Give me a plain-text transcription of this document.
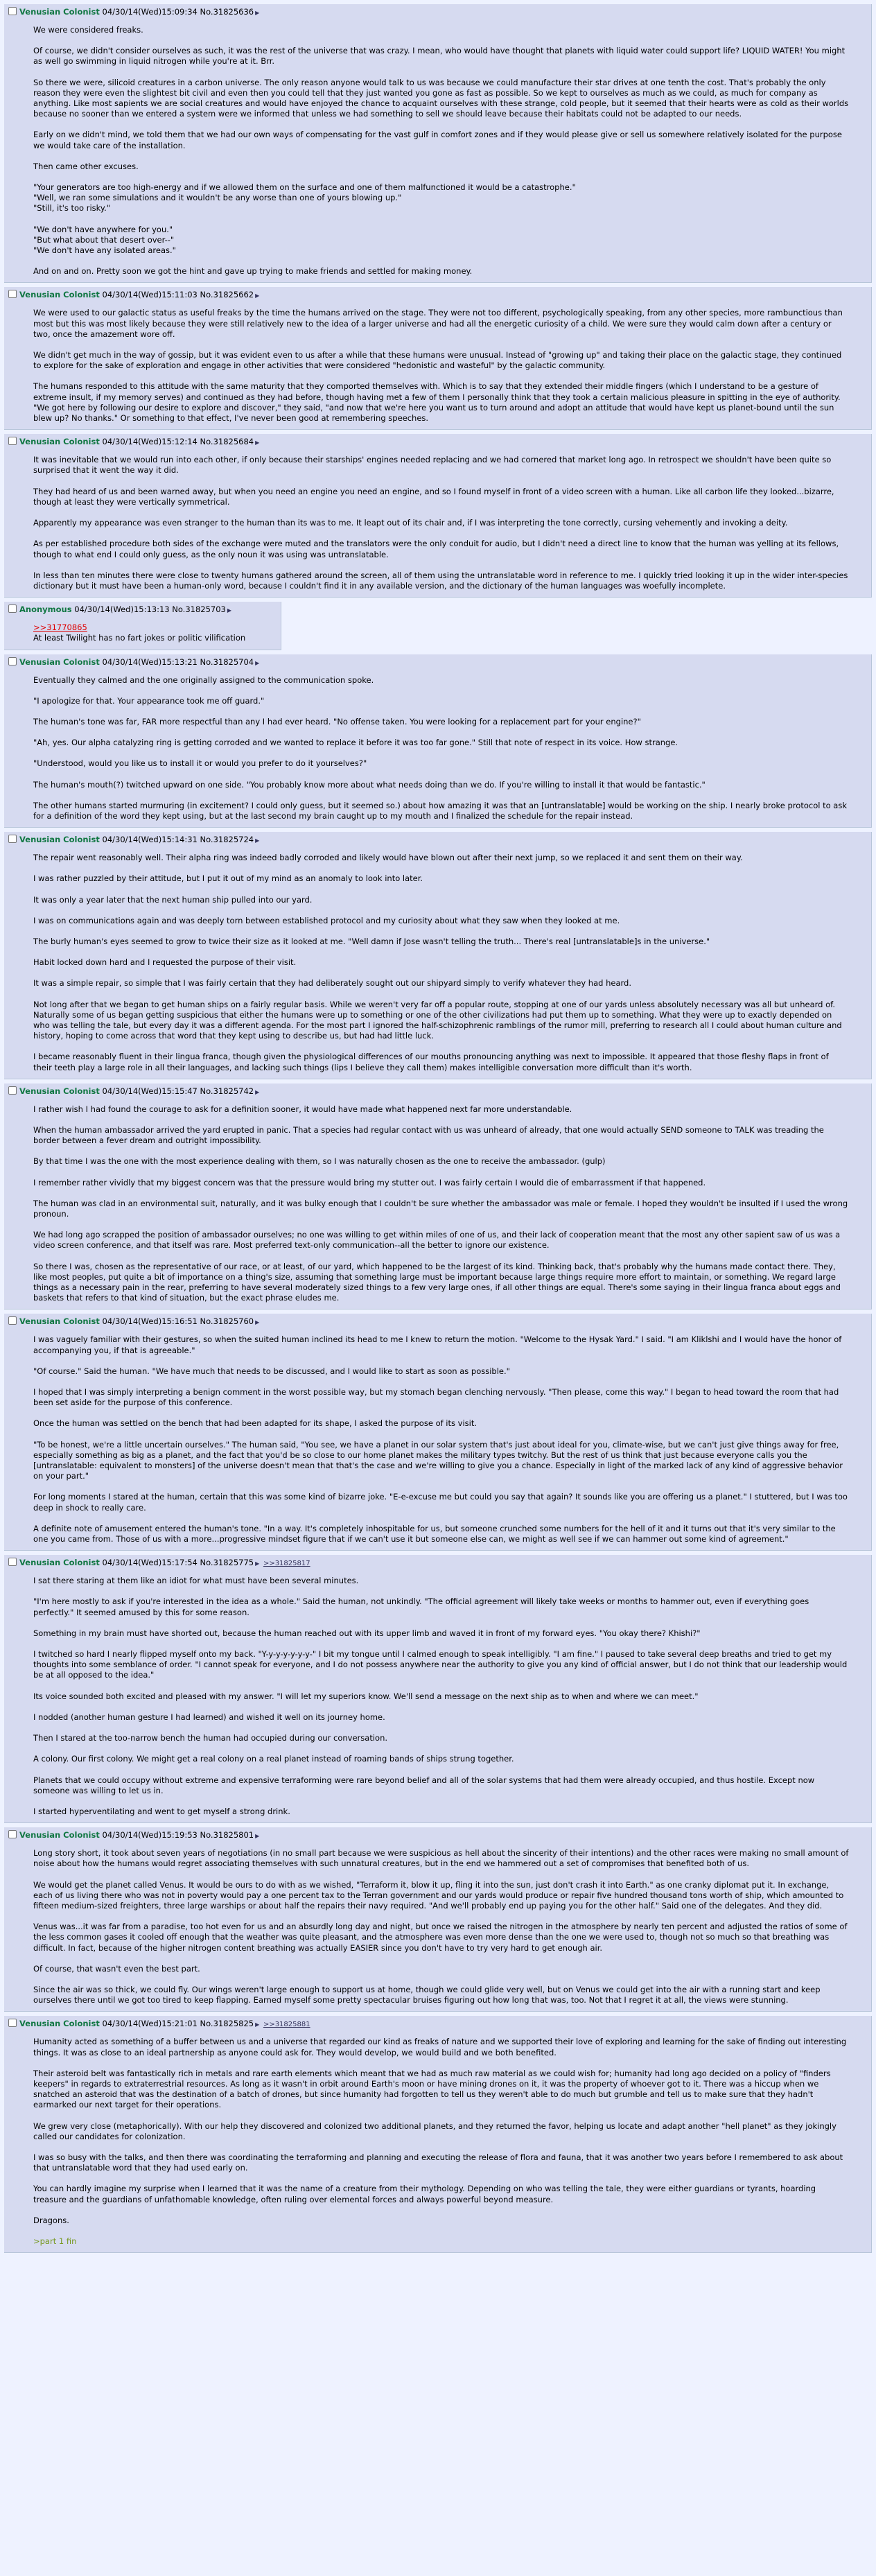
Venusian Colonist 04/30/14(Wed)15:09:34 No.31825636 ▶

We were considered freaks.

Of course, we didn't consider ourselves as such, it was the rest of the universe that was crazy. I mean, who would have thought that planets with liquid water could support life? LIQUID WATER! You might as well go swimming in liquid nitrogen while you're at it. Brr.

So there we were, silicoid creatures in a carbon universe. The only reason anyone would talk to us was because we could manufacture their star drives at one tenth the cost. That's probably the only reason they were even the slightest bit civil and even then you could tell that they just wanted you gone as fast as possible. So we kept to ourselves as much as we could, as much for company as anything. Like most sapients we are social creatures and would have enjoyed the chance to acquaint ourselves with these strange, cold people, but it seemed that their hearts were as cold as their worlds because no sooner than we entered a system were we informed that unless we had something to sell we should leave because their habitats could not be adapted to our needs.

Early on we didn't mind, we told them that we had our own ways of compensating for the vast gulf in comfort zones and if they would please give or sell us somewhere relatively isolated for the purpose we would take care of the installation.

Then came other excuses.

"Your generators are too high-energy and if we allowed them on the surface and one of them malfunctioned it would be a catastrophe."
"Well, we ran some simulations and it wouldn't be any worse than one of yours blowing up."
"Still, it's too risky."

"We don't have anywhere for you."
"But what about that desert over--"
"We don't have any isolated areas."

And on and on. Pretty soon we got the hint and gave up trying to make friends and settled for making money.

Venusian Colonist 04/30/14(Wed)15:11:03 No.31825662 ▶

We were used to our galactic status as useful freaks by the time the humans arrived on the stage. They were not too different, psychologically speaking, from any other species, more rambunctious than most but this was most likely because they were still relatively new to the idea of a larger universe and had all the energetic curiosity of a child. We were sure they would calm down after a century or two, once the amazement wore off.

We didn't get much in the way of gossip, but it was evident even to us after a while that these humans were unusual. Instead of "growing up" and taking their place on the galactic stage, they continued to explore for the sake of exploration and engage in other activities that were considered "hedonistic and wasteful" by the galactic community.

The humans responded to this attitude with the same maturity that they comported themselves with. Which is to say that they extended their middle fingers (which I understand to be a gesture of extreme insult, if my memory serves) and continued as they had before, though having met a few of them I personally think that they took a certain malicious pleasure in spitting in the eye of authority. "We got here by following our desire to explore and discover," they said, "and now that we're here you want us to turn around and adopt an attitude that would have kept us planet-bound until the sun blew up? No thanks." Or something to that effect, I've never been good at remembering speeches.

Venusian Colonist 04/30/14(Wed)15:12:14 No.31825684 ▶

It was inevitable that we would run into each other, if only because their starships' engines needed replacing and we had cornered that market long ago. In retrospect we shouldn't have been quite so surprised that it went the way it did.

They had heard of us and been warned away, but when you need an engine you need an engine, and so I found myself in front of a video screen with a human. Like all carbon life they looked...bizarre, though at least they were vertically symmetrical.

Apparently my appearance was even stranger to the human than its was to me. It leapt out of its chair and, if I was interpreting the tone correctly, cursing vehemently and invoking a deity.

As per established procedure both sides of the exchange were muted and the translators were the only conduit for audio, but I didn't need a direct line to know that the human was yelling at its fellows, though to what end I could only guess, as the only noun it was using was untranslatable.

In less than ten minutes there were close to twenty humans gathered around the screen, all of them using the untranslatable word in reference to me. I quickly tried looking it up in the wider inter-species dictionary but it must have been a human-only word, because I couldn't find it in any available version, and the dictionary of the human languages was woefully incomplete.

Anonymous 04/30/14(Wed)15:13:13 No.31825703 ▶
>>31770865

At least Twilight has no fart jokes or politic vilification

Venusian Colonist 04/30/14(Wed)15:13:21 No.31825704 ▶

Eventually they calmed and the one originally assigned to the communication spoke.

"I apologize for that. Your appearance took me off guard."

The human's tone was far, FAR more respectful than any I had ever heard. "No offense taken. You were looking for a replacement part for your engine?"

"Ah, yes. Our alpha catalyzing ring is getting corroded and we wanted to replace it before it was too far gone." Still that note of respect in its voice. How strange.

"Understood, would you like us to install it or would you prefer to do it yourselves?"

The human's mouth(?) twitched upward on one side. "You probably know more about what needs doing than we do. If you're willing to install it that would be fantastic."

The other humans started murmuring (in excitement? I could only guess, but it seemed so.) about how amazing it was that an [untranslatable] would be working on the ship. I nearly broke protocol to ask for a definition of the word they kept using, but at the last second my brain caught up to my mouth and I finalized the schedule for the repair instead.

Venusian Colonist 04/30/14(Wed)15:14:31 No.31825724 ▶

The repair went reasonably well. Their alpha ring was indeed badly corroded and likely would have blown out after their next jump, so we replaced it and sent them on their way.

I was rather puzzled by their attitude, but I put it out of my mind as an anomaly to look into later.

It was only a year later that the next human ship pulled into our yard.

I was on communications again and was deeply torn between established protocol and my curiosity about what they saw when they looked at me.

The burly human's eyes seemed to grow to twice their size as it looked at me. "Well damn if Jose wasn't telling the truth... There's real [untranslatable]s in the universe."

Habit locked down hard and I requested the purpose of their visit.

It was a simple repair, so simple that I was fairly certain that they had deliberately sought out our shipyard simply to verify whatever they had heard.

Not long after that we began to get human ships on a fairly regular basis. While we weren't very far off a popular route, stopping at one of our yards unless absolutely necessary was all but unheard of. Naturally some of us began getting suspicious that either the humans were up to something or one of the other civilizations had put them up to something. What they were up to exactly depended on who was telling the tale, but every day it was a different agenda. For the most part I ignored the half-schizophrenic ramblings of the rumor mill, preferring to research all I could about human culture and history, hoping to come across that word that they kept using to describe us, but had had little luck.

I became reasonably fluent in their lingua franca, though given the physiological differences of our mouths pronouncing anything was next to impossible. It appeared that those fleshy flaps in front of their teeth play a large role in all their languages, and lacking such things (lips I believe they call them) makes intelligible conversation more difficult than it's worth.

Venusian Colonist 04/30/14(Wed)15:15:47 No.31825742 ▶

I rather wish I had found the courage to ask for a definition sooner, it would have made what happened next far more understandable.

When the human ambassador arrived the yard erupted in panic. That a species had regular contact with us was unheard of already, that one would actually SEND someone to TALK was treading the border between a fever dream and outright impossibility.

By that time I was the one with the most experience dealing with them, so I was naturally chosen as the one to receive the ambassador. (gulp)

I remember rather vividly that my biggest concern was that the pressure would bring my stutter out. I was fairly certain I would die of embarrassment if that happened.

The human was clad in an environmental suit, naturally, and it was bulky enough that I couldn't be sure whether the ambassador was male or female. I hoped they wouldn't be insulted if I used the wrong pronoun.

We had long ago scrapped the position of ambassador ourselves; no one was willing to get within miles of one of us, and their lack of cooperation meant that the most any other sapient saw of us was a video screen conference, and that itself was rare. Most preferred text-only communication--all the better to ignore our existence.

So there I was, chosen as the representative of our race, or at least, of our yard, which happened to be the largest of its kind. Thinking back, that's probably why the humans made contact there. They, like most peoples, put quite a bit of importance on a thing's size, assuming that something large must be important because large things require more effort to maintain, or something. We regard large things as a necessary pain in the rear, preferring to have several moderately sized things to a few very large ones, if all other things are equal. There's some saying in their lingua franca about eggs and baskets that refers to that kind of situation, but the exact phrase eludes me.

Venusian Colonist 04/30/14(Wed)15:16:51 No.31825760 ▶

I was vaguely familiar with their gestures, so when the suited human inclined its head to me I knew to return the motion. "Welcome to the Hysak Yard." I said. "I am Kliklshi and I would have the honor of accompanying you, if that is agreeable."

"Of course." Said the human. "We have much that needs to be discussed, and I would like to start as soon as possible."

I hoped that I was simply interpreting a benign comment in the worst possible way, but my stomach began clenching nervously. "Then please, come this way." I began to head toward the room that had been set aside for the purpose of this conference.

Once the human was settled on the bench that had been adapted for its shape, I asked the purpose of its visit.

"To be honest, we're a little uncertain ourselves." The human said, "You see, we have a planet in our solar system that's just about ideal for you, climate-wise, but we can't just give things away for free, especially something as big as a planet, and the fact that you'd be so close to our home planet makes the military types twitchy. But the rest of us think that just because everyone calls you the [untranslatable: equivalent to monsters] of the universe doesn't mean that that's the case and we're willing to give you a chance. Especially in light of the marked lack of any kind of aggressive behavior on your part."

For long moments I stared at the human, certain that this was some kind of bizarre joke. "E-e-excuse me but could you say that again? It sounds like you are offering us a planet." I stuttered, but I was too deep in shock to really care.

A definite note of amusement entered the human's tone. "In a way. It's completely inhospitable for us, but someone crunched some numbers for the hell of it and it turns out that it's very similar to the one you came from. Those of us with a more...progressive mindset figure that if we can't use it but someone else can, we might as well see if we can hammer out some kind of agreement."

Venusian Colonist 04/30/14(Wed)15:17:54 No.31825775 ▶ >>31825817

I sat there staring at them like an idiot for what must have been several minutes.

"I'm here mostly to ask if you're interested in the idea as a whole." Said the human, not unkindly. "The official agreement will likely take weeks or months to hammer out, even if everything goes perfectly." It seemed amused by this for some reason.

Something in my brain must have shorted out, because the human reached out with its upper limb and waved it in front of my forward eyes. "You okay there? Khishi?"

I twitched so hard I nearly flipped myself onto my back. "Y-y-y-y-y-y-y-" I bit my tongue until I calmed enough to speak intelligibly. "I am fine." I paused to take several deep breaths and tried to get my thoughts into some semblance of order. "I cannot speak for everyone, and I do not possess anywhere near the authority to give you any kind of official answer, but I do not think that our leadership would be at all opposed to the idea."

Its voice sounded both excited and pleased with my answer. "I will let my superiors know. We'll send a message on the next ship as to when and where we can meet."

I nodded (another human gesture I had learned) and wished it well on its journey home.

Then I stared at the too-narrow bench the human had occupied during our conversation.

A colony. Our first colony. We might get a real colony on a real planet instead of roaming bands of ships strung together.

Planets that we could occupy without extreme and expensive terraforming were rare beyond belief and all of the solar systems that had them were already occupied, and thus hostile. Except now someone was willing to let us in.

I started hyperventilating and went to get myself a strong drink.

Venusian Colonist 04/30/14(Wed)15:19:53 No.31825801 ▶

Long story short, it took about seven years of negotiations (in no small part because we were suspicious as hell about the sincerity of their intentions) and the other races were making no small amount of noise about how the humans would regret associating themselves with such unnatural creatures, but in the end we hammered out a set of compromises that benefited both of us.

We would get the planet called Venus. It would be ours to do with as we wished, "Terraform it, blow it up, fling it into the sun, just don't crash it into Earth." as one cranky diplomat put it. In exchange, each of us living there who was not in poverty would pay a one percent tax to the Terran government and our yards would produce or repair five hundred thousand tons worth of ship, which amounted to fifteen medium-sized freighters, three large warships or about half the repairs their navy required. "And we'll probably end up paying you for the other half." Said one of the delegates. And they did.

Venus was...it was far from a paradise, too hot even for us and an absurdly long day and night, but once we raised the nitrogen in the atmosphere by nearly ten percent and adjusted the ratios of some of the less common gases it cooled off enough that the weather was quite pleasant, and the atmosphere was even more dense than the one we were used to, though not so much so that breathing was difficult. In fact, because of the higher nitrogen content breathing was actually EASIER since you don't have to try very hard to get enough air.

Of course, that wasn't even the best part.

Since the air was so thick, we could fly. Our wings weren't large enough to support us at home, though we could glide very well, but on Venus we could get into the air with a running start and keep ourselves there until we got too tired to keep flapping. Earned myself some pretty spectacular bruises figuring out how long that was, too. Not that I regret it at all, the views were stunning.

Venusian Colonist 04/30/14(Wed)15:21:01 No.31825825 ▶ >>31825881

Humanity acted as something of a buffer between us and a universe that regarded our kind as freaks of nature and we supported their love of exploring and learning for the sake of finding out interesting things. It was as close to an ideal partnership as anyone could ask for. They would develop, we would build and we both benefited.

Their asteroid belt was fantastically rich in metals and rare earth elements which meant that we had as much raw material as we could wish for; humanity had long ago decided on a policy of "finders keepers" in regards to extraterrestrial resources. As long as it wasn't in orbit around Earth's moon or have mining drones on it, it was the property of whoever got to it. There was a hiccup when we snatched an asteroid that was the destination of a batch of drones, but since humanity had forgotten to tell us they weren't able to do much but grumble and tell us to make sure that they hadn't earmarked our next target for their operations.

We grew very close (metaphorically). With our help they discovered and colonized two additional planets, and they returned the favor, helping us locate and adapt another "hell planet" as they jokingly called our candidates for colonization.

I was so busy with the talks, and then there was coordinating the terraforming and planning and executing the release of flora and fauna, that it was another two years before I remembered to ask about that untranslatable word that they had used early on.

You can hardly imagine my surprise when I learned that it was the name of a creature from their mythology. Depending on who was telling the tale, they were either guardians or tyrants, hoarding treasure and the guardians of unfathomable knowledge, often ruling over elemental forces and always powerful beyond measure.

Dragons.

>part 1 fin
